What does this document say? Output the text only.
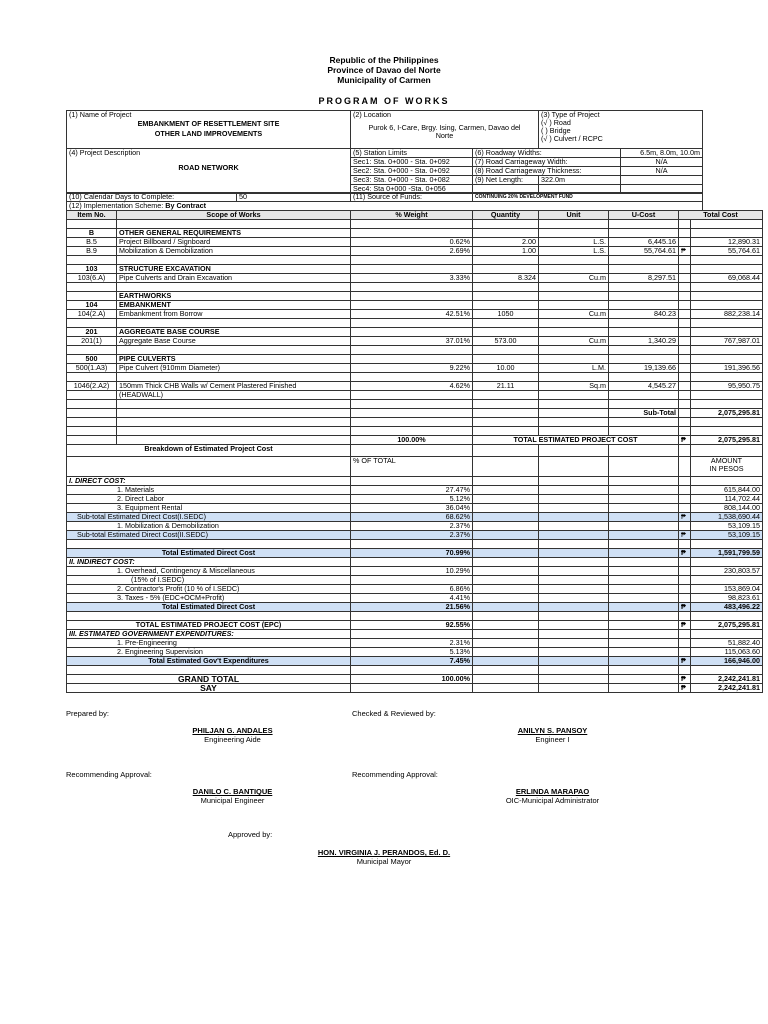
Republic of the Philippines
Province of Davao del Norte
Municipality of Carmen
PROGRAM OF WORKS
(1) Name of Project
EMBANKMENT OF RESETTLEMENT SITE
OTHER LAND IMPROVEMENTS

(2) Location
Purok 6, I-Care, Brgy. Ising, Carmen, Davao del
Norte

(3) Type of Project
(√ ) Road
( ) Bridge
(√ ) Culvert / RCPC
(4) Project Description
ROAD NETWORK	(5) Station Limits	(6) Roadway Widths:		6.5m, 8.0m, 10.0m
	Sec1: Sta. 0+000 - Sta. 0+092	(7) Road Carriageway Width:		N/A
	Sec2: Sta. 0+000 - Sta. 0+092	(8) Road Carriageway Thickness:		N/A
	Sec3: Sta. 0+000 - Sta. 0+082	(9) Net Length:	322.0m	
	Sec4: Sta 0+000 -Sta. 0+056			
(10) Calendar Days to Complete:	50	(11) Source of Funds:	CONTINUING 20% DEVELOPMENT FUND
(12) Implementation Scheme: By Contract
Item No.	Scope of Works	% Weight	Quantity	Unit	U-Cost	Total Cost	

B	OTHER GENERAL REQUIREMENTS						
B.5	Project Billboard / Signboard	0.62%	2.00	L.S.	6,445.16		12,890.31
B.9	Mobilization & Demobilization	2.69%	1.00	L.S.	55,764.61	₱	55,764.61

103	STRUCTURE EXCAVATION						
103(6.A)	Pipe Culverts and Drain Excavation	3.33%	8.324	Cu.m	8,297.51		69,068.44

	EARTHWORKS						
104	EMBANKMENT						
104(2.A)	Embankment from Borrow	42.51%	1050	Cu.m	840.23		882,238.14

201	AGGREGATE BASE COURSE						
201(1)	Aggregate Base Course	37.01%	573.00	Cu.m	1,340.29		767,987.01

500	PIPE CULVERTS						
500(1.A3)	Pipe Culvert (910mm Diameter)	9.22%	10.00	L.M.	19,139.66		191,396.56

1046(2.A2)	150mm Thick CHB Walls w/ Cement Plastered Finished	4.62%	21.11	Sq.m	4,545.27		95,950.75
	(HEADWALL)						

					Sub-Total		2,075,295.81

		100.00%	TOTAL ESTIMATED PROJECT COST			₱	2,075,295.81
Breakdown of Estimated Project Cost							
		% OF TOTAL					AMOUNT
IN PESOS

I. DIRECT COST:							
1. Materials		27.47%					615,844.00
2. Direct Labor		5.12%					114,702.44
3. Equipment Rental		36.04%					808,144.00
Sub-total Estimated Direct Cost(I.SEDC)		68.62%				₱	1,538,690.44
1. Mobilization & Demobilization		2.37%					53,109.15
Sub-total Estimated Direct Cost(II.SEDC)		2.37%				₱	53,109.15

Total Estimated Direct Cost		70.99%				₱	1,591,799.59
II. INDIRECT COST:							
1. Overhead, Contingency & Miscellaneous		10.29%					230,803.57
(15% of I.SEDC)							
2. Contractor's Profit (10 % of I.SEDC)		6.86%					153,869.04
3. Taxes - 5% (EDC+OCM+Profit)		4.41%					98,823.61
Total Estimated Direct Cost		21.56%				₱	483,496.22

TOTAL ESTIMATED PROJECT COST (EPC)		92.55%				₱	2,075,295.81
III. ESTIMATED GOVERNMENT EXPENDITURES:							
1. Pre-Engineering		2.31%					51,882.40
2. Engineering Supervision		5.13%					115,063.60
Total Estimated Gov't Expenditures		7.45%				₱	166,946.00

GRAND TOTAL		100.00%				₱	2,242,241.81
SAY						₱	2,242,241.81
Prepared by:	Checked & Reviewed by:
PHILJAN G. ANDALES
Engineering Aide
ANILYN S. PANSOY
Engineer I
Recommending Approval:	Recommending Approval:
DANILO C. BANTIQUE
Municipal Engineer
ERLINDA MARAPAO
OIC-Municipal Administrator
Approved by:
HON. VIRGINIA J. PERANDOS, Ed. D.
Municipal Mayor
